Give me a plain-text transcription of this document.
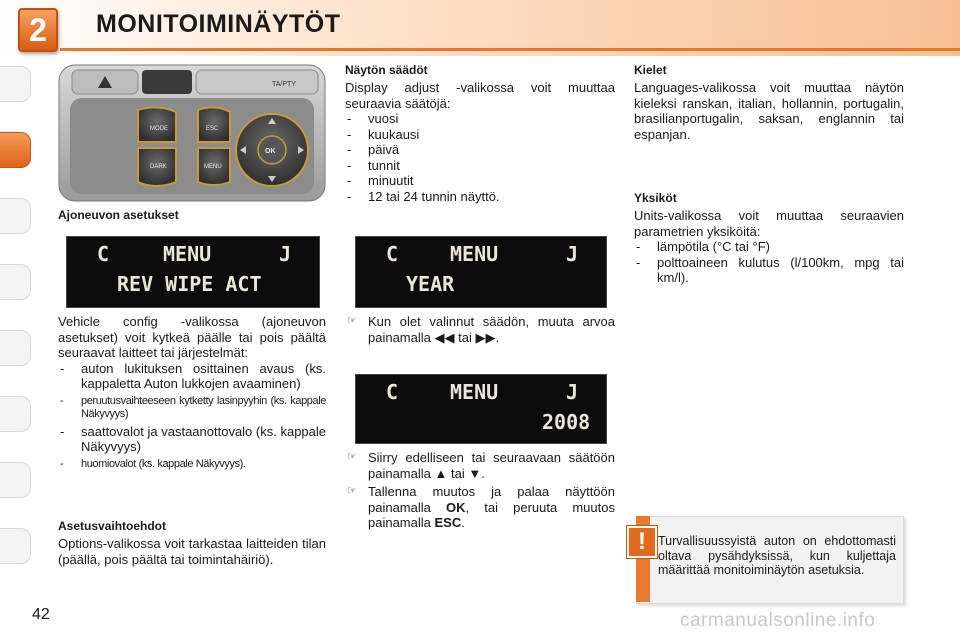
2	MONITOIMINÄYTÖT
TA/PTY
MODE
DARK
ESC
MENU
OK
Ajoneuvon asetukset
C	MENU	J
REV WIPE ACT
Vehicle config -valikossa (ajoneuvon asetukset) voit kytkeä päälle tai pois päältä seuraavat laitteet tai järjestelmät:
- auton lukituksen osittainen avaus (ks. kappaletta Auton lukkojen avaaminen)
- peruutusvaihteeseen kytketty lasinpyyhin (ks. kappale Näkyvyys)
- saattovalot ja vastaanottovalo (ks. kappale Näkyvyys)
- huomiovalot (ks. kappale Näkyvyys).
Asetusvaihtoehdot
Options-valikossa voit tarkastaa laitteiden tilan (päällä, pois päältä tai toimintahäiriö).
Näytön säädöt
Display adjust -valikossa voit muuttaa seuraavia säätöjä:
- vuosi
- kuukausi
- päivä
- tunnit
- minuutit
- 12 tai 24 tunnin näyttö.
C	MENU	J
YEAR
☞ Kun olet valinnut säädön, muuta arvoa painamalla ◀◀ tai ▶▶.
C	MENU	J
2008
☞ Siirry edelliseen tai seuraavaan säätöön painamalla ▲ tai ▼.
☞ Tallenna muutos ja palaa näyttöön painamalla OK, tai peruuta muutos painamalla ESC.
Kielet
Languages-valikossa voit muuttaa näytön kieleksi ranskan, italian, hollannin, portugalin, brasilianportugalin, saksan, englannin tai espanjan.
Yksiköt
Units-valikossa voit muuttaa seuraavien parametrien yksiköitä:
- lämpötila (°C tai °F)
- polttoaineen kulutus (l/100km, mpg tai km/l).
! Turvallisuussyistä auton on ehdottomasti oltava pysähdyksissä, kun kuljettaja määrittää monitoiminäytön asetuksia.
42	carmanualsonline.info
